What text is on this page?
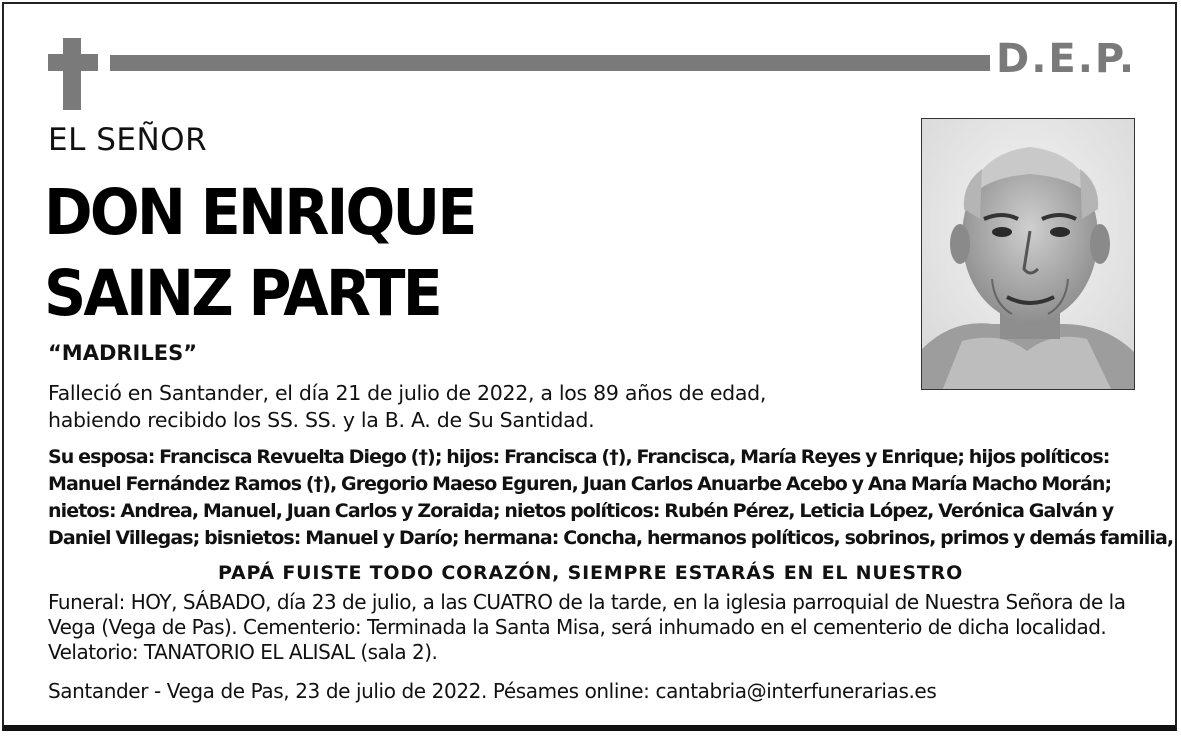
D.E.P.
EL SEÑOR
DON ENRIQUE
SAINZ PARTE
“MADRILES”
Falleció en Santander, el día 21 de julio de 2022, a los 89 años de edad,
habiendo recibido los SS. SS. y la B. A. de Su Santidad.
Su esposa: Francisca Revuelta Diego (†); hijos: Francisca (†), Francisca, María Reyes y Enrique; hijos políticos:
Manuel Fernández Ramos (†), Gregorio Maeso Eguren, Juan Carlos Anuarbe Acebo y Ana María Macho Morán;
nietos: Andrea, Manuel, Juan Carlos y Zoraida; nietos políticos: Rubén Pérez, Leticia López, Verónica Galván y
Daniel Villegas; bisnietos: Manuel y Darío; hermana: Concha, hermanos políticos, sobrinos, primos y demás familia,
PAPÁ FUISTE TODO CORAZÓN, SIEMPRE ESTARÁS EN EL NUESTRO
Funeral: HOY, SÁBADO, día 23 de julio, a las CUATRO de la tarde, en la iglesia parroquial de Nuestra Señora de la
Vega (Vega de Pas). Cementerio: Terminada la Santa Misa, será inhumado en el cementerio de dicha localidad.
Velatorio: TANATORIO EL ALISAL (sala 2).
Santander - Vega de Pas, 23 de julio de 2022. Pésames online: cantabria@interfunerarias.es
